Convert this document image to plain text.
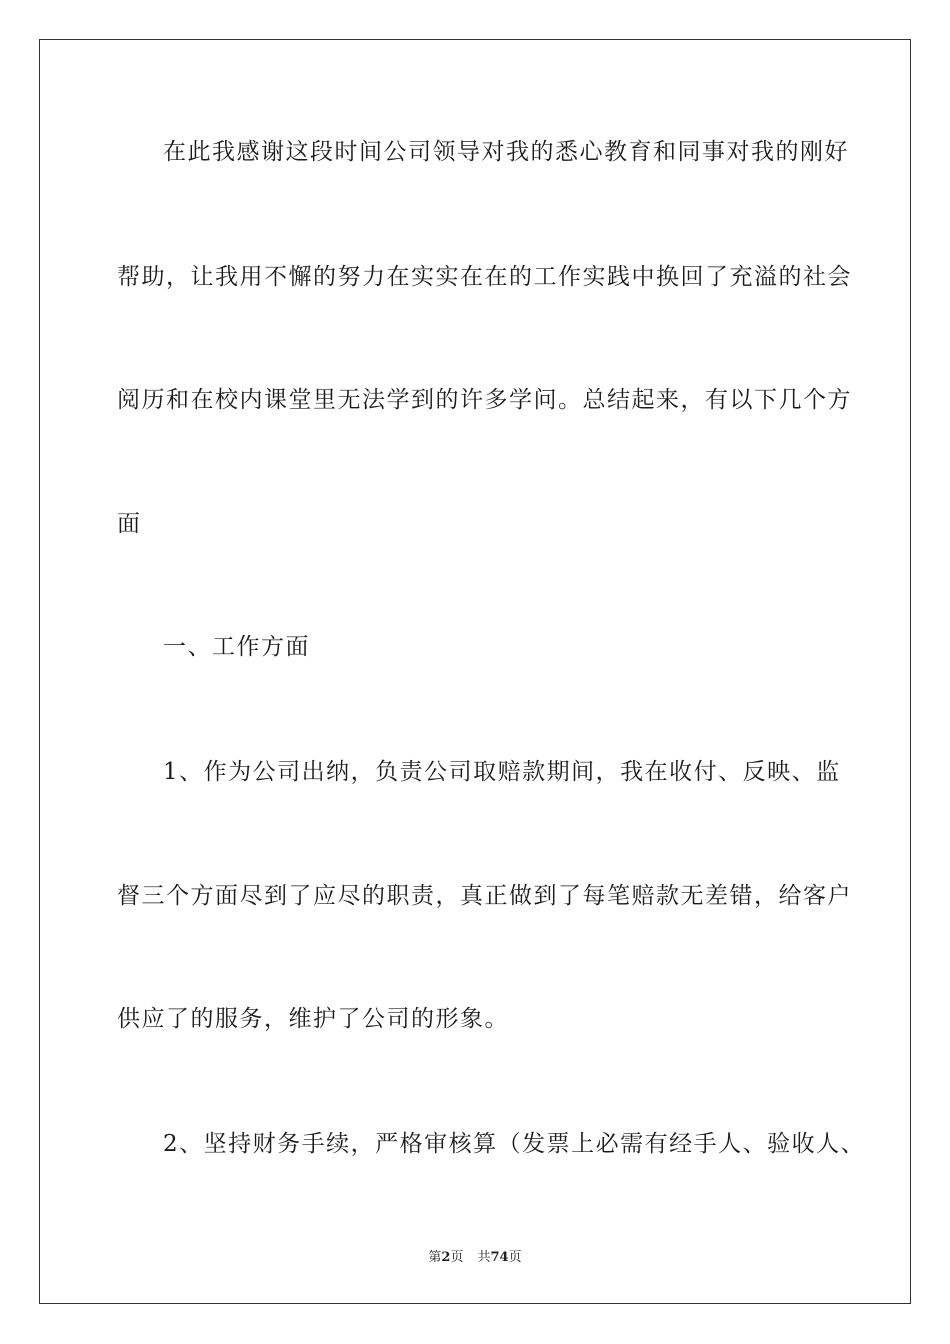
在此我感谢这段时间公司领导对我的悉心教育和同事对我的刚好
帮助，让我用不懈的努力在实实在在的工作实践中换回了充溢的社会
阅历和在校内课堂里无法学到的许多学问。总结起来，有以下几个方
面
一、工作方面
1、作为公司出纳，负责公司取赔款期间，我在收付、反映、监
督三个方面尽到了应尽的职责，真正做到了每笔赔款无差错，给客户
供应了的服务，维护了公司的形象。
2、坚持财务手续，严格审核算（发票上必需有经手人、验收人、
第2页 共74页
